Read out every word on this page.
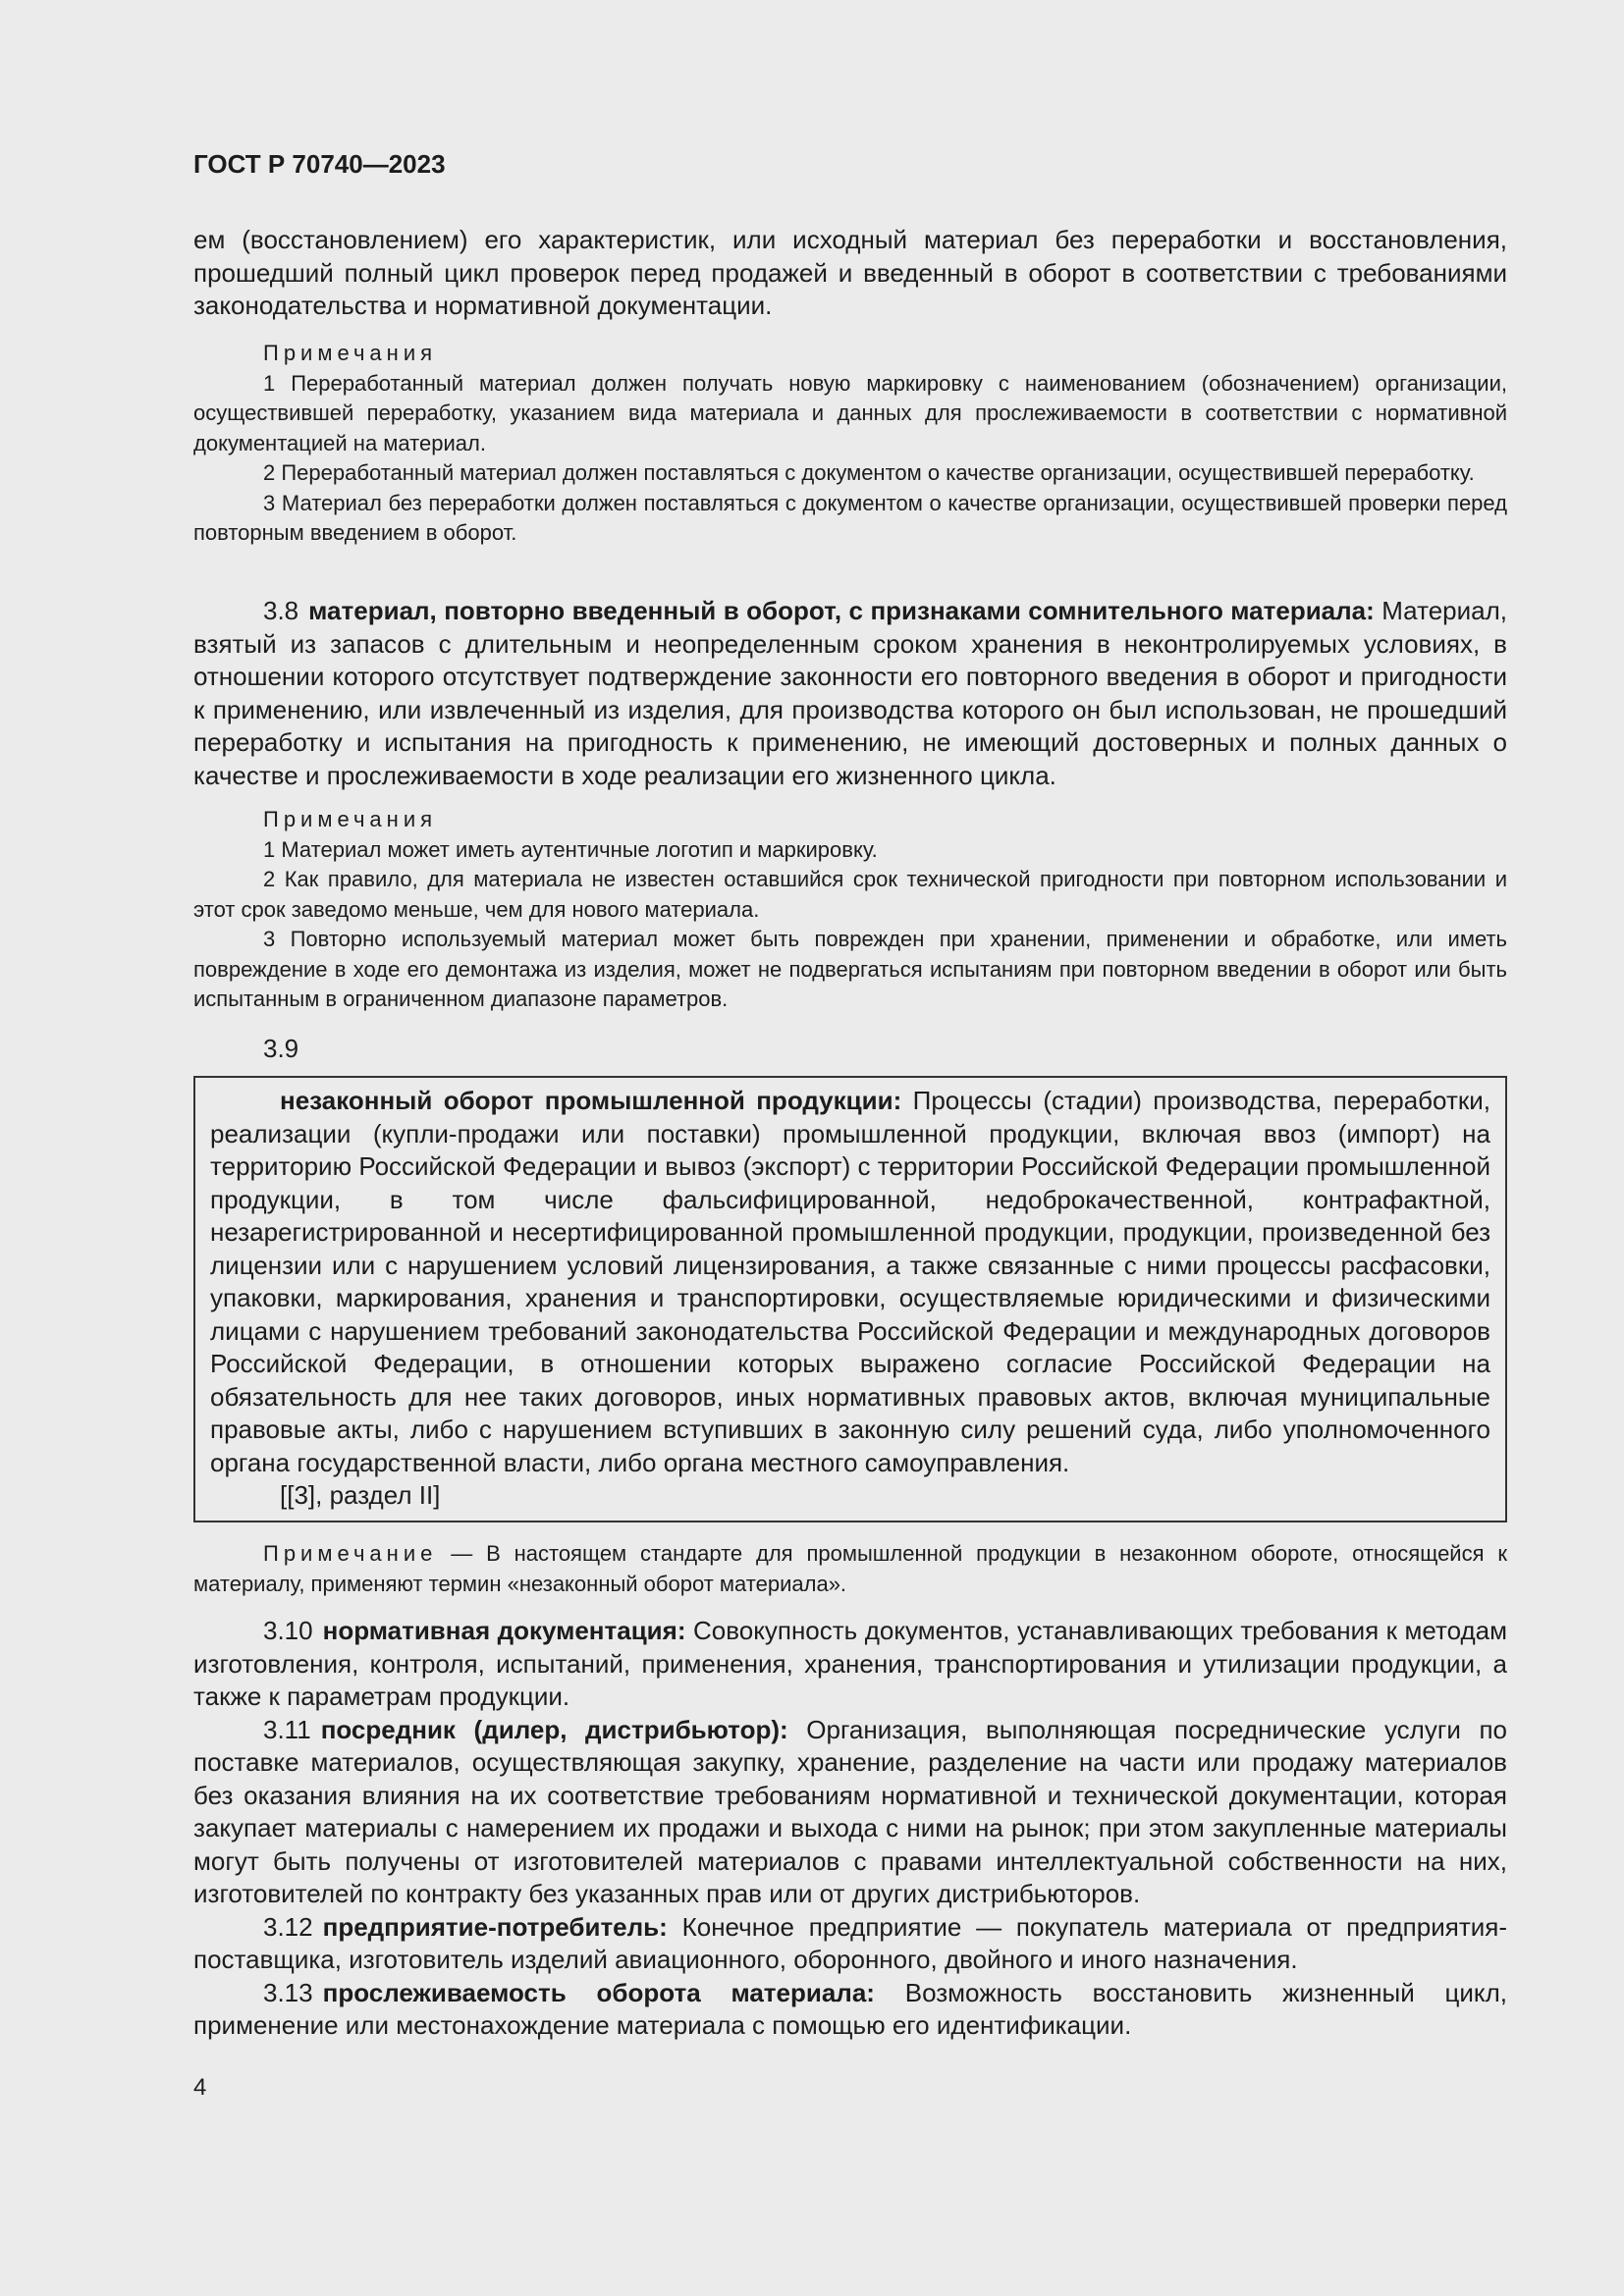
ГОСТ Р 70740—2023

ем (восстановлением) его характеристик, или исходный материал без переработки и восстановления, прошедший полный цикл проверок перед продажей и введенный в оборот в соответствии с требованиями законодательства и нормативной документации.

Примечания

1 Переработанный материал должен получать новую маркировку с наименованием (обозначением) организации, осуществившей переработку, указанием вида материала и данных для прослеживаемости в соответствии с нормативной документацией на материал.

2 Переработанный материал должен поставляться с документом о качестве организации, осуществившей переработку.

3 Материал без переработки должен поставляться с документом о качестве организации, осуществившей проверки перед повторным введением в оборот.

3.8 материал, повторно введенный в оборот, с признаками сомнительного материала: Материал, взятый из запасов с длительным и неопределенным сроком хранения в неконтролируемых условиях, в отношении которого отсутствует подтверждение законности его повторного введения в оборот и пригодности к применению, или извлеченный из изделия, для производства которого он был использован, не прошедший переработку и испытания на пригодность к применению, не имеющий достоверных и полных данных о качестве и прослеживаемости в ходе реализации его жизненного цикла.

Примечания

1 Материал может иметь аутентичные логотип и маркировку.

2 Как правило, для материала не известен оставшийся срок технической пригодности при повторном использовании и этот срок заведомо меньше, чем для нового материала.

3 Повторно используемый материал может быть поврежден при хранении, применении и обработке, или иметь повреждение в ходе его демонтажа из изделия, может не подвергаться испытаниям при повторном введении в оборот или быть испытанным в ограниченном диапазоне параметров.

3.9

незаконный оборот промышленной продукции: Процессы (стадии) производства, переработки, реализации (купли-продажи или поставки) промышленной продукции, включая ввоз (импорт) на территорию Российской Федерации и вывоз (экспорт) с территории Российской Федерации промышленной продукции, в том числе фальсифицированной, недоброкачественной, контрафактной, незарегистрированной и несертифицированной промышленной продукции, продукции, произведенной без лицензии или с нарушением условий лицензирования, а также связанные с ними процессы расфасовки, упаковки, маркирования, хранения и транспортировки, осуществляемые юридическими и физическими лицами с нарушением требований законодательства Российской Федерации и международных договоров Российской Федерации, в отношении которых выражено согласие Российской Федерации на обязательность для нее таких договоров, иных нормативных правовых актов, включая муниципальные правовые акты, либо с нарушением вступивших в законную силу решений суда, либо уполномоченного органа государственной власти, либо органа местного самоуправления.

[[3], раздел II]

Примечание — В настоящем стандарте для промышленной продукции в незаконном обороте, относящейся к материалу, применяют термин «незаконный оборот материала».

3.10 нормативная документация: Совокупность документов, устанавливающих требования к методам изготовления, контроля, испытаний, применения, хранения, транспортирования и утилизации продукции, а также к параметрам продукции.

3.11 посредник (дилер, дистрибьютор): Организация, выполняющая посреднические услуги по поставке материалов, осуществляющая закупку, хранение, разделение на части или продажу материалов без оказания влияния на их соответствие требованиям нормативной и технической документации, которая закупает материалы с намерением их продажи и выхода с ними на рынок; при этом закупленные материалы могут быть получены от изготовителей материалов с правами интеллектуальной собственности на них, изготовителей по контракту без указанных прав или от других дистрибьюторов.

3.12 предприятие-потребитель: Конечное предприятие — покупатель материала от предприятия-поставщика, изготовитель изделий авиационного, оборонного, двойного и иного назначения.

3.13 прослеживаемость оборота материала: Возможность восстановить жизненный цикл, применение или местонахождение материала с помощью его идентификации.

4
